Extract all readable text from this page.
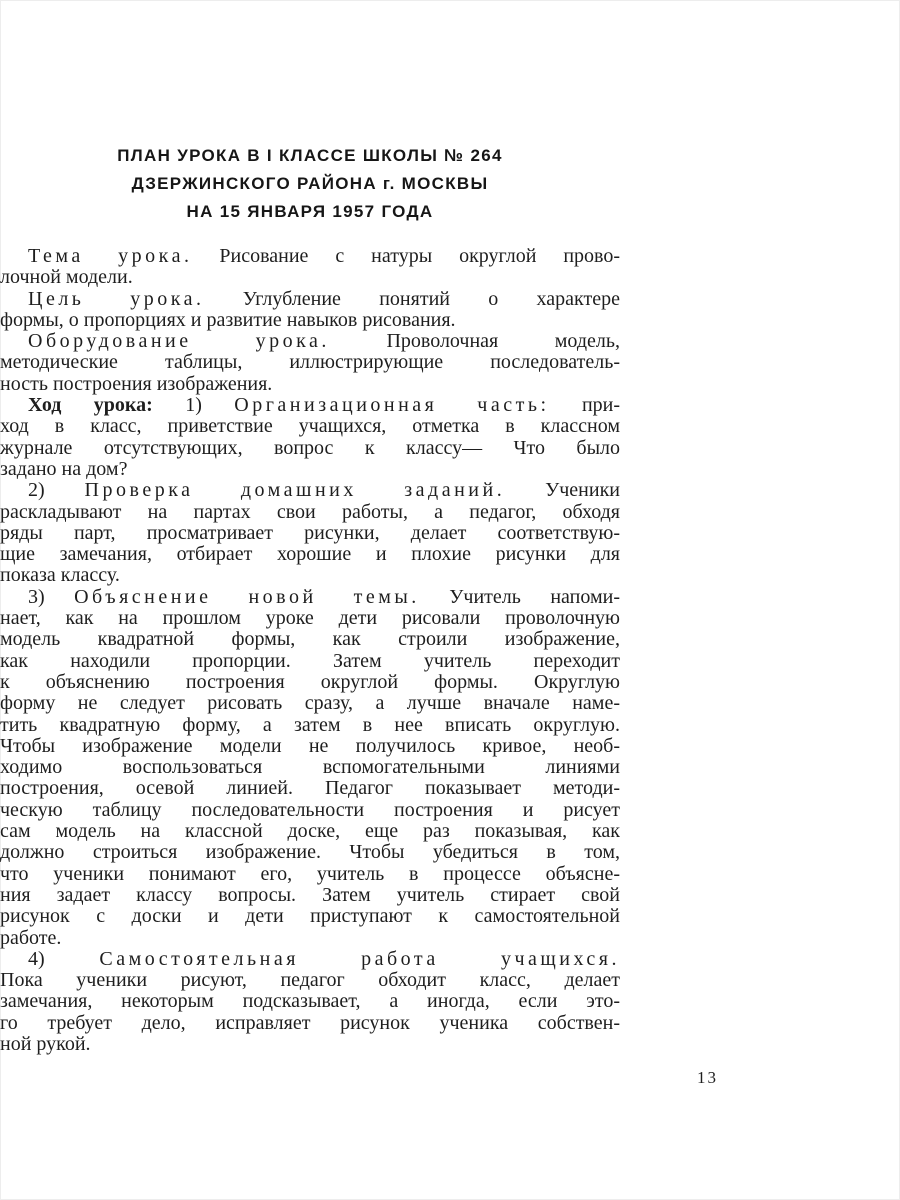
ПЛАН УРОКА В I КЛАССЕ ШКОЛЫ № 264
ДЗЕРЖИНСКОГО РАЙОНА г. МОСКВЫ
НА 15 ЯНВАРЯ 1957 ГОДА

Тема урока. Рисование с натуры округлой прово-
лочной модели.

Цель урока. Углубление понятий о характере
формы, о пропорциях и развитие навыков рисования.

Оборудование урока. Проволочная модель,
методические таблицы, иллюстрирующие последователь-
ность построения изображения.

Ход урока: 1) Организационная часть: при-
ход в класс, приветствие учащихся, отметка в классном
журнале отсутствующих, вопрос к классу— Что было
задано на дом?

2) Проверка домашних заданий. Ученики
раскладывают на партах свои работы, а педагог, обходя
ряды парт, просматривает рисунки, делает соответствую-
щие замечания, отбирает хорошие и плохие рисунки для
показа классу.

3) Объяснение новой темы. Учитель напоми-
нает, как на прошлом уроке дети рисовали проволочную
модель квадратной формы, как строили изображение,
как находили пропорции. Затем учитель переходит
к объяснению построения округлой формы. Округлую
форму не следует рисовать сразу, а лучше вначале наме-
тить квадратную форму, а затем в нее вписать округлую.
Чтобы изображение модели не получилось кривое, необ-
ходимо воспользоваться вспомогательными линиями
построения, осевой линией. Педагог показывает методи-
ческую таблицу последовательности построения и рисует
сам модель на классной доске, еще раз показывая, как
должно строиться изображение. Чтобы убедиться в том,
что ученики понимают его, учитель в процессе объясне-
ния задает классу вопросы. Затем учитель стирает свой
рисунок с доски и дети приступают к самостоятельной
работе.

4) Самостоятельная работа учащихся.
Пока ученики рисуют, педагог обходит класс, делает
замечания, некоторым подсказывает, а иногда, если это-
го требует дело, исправляет рисунок ученика собствен-
ной рукой.

13
